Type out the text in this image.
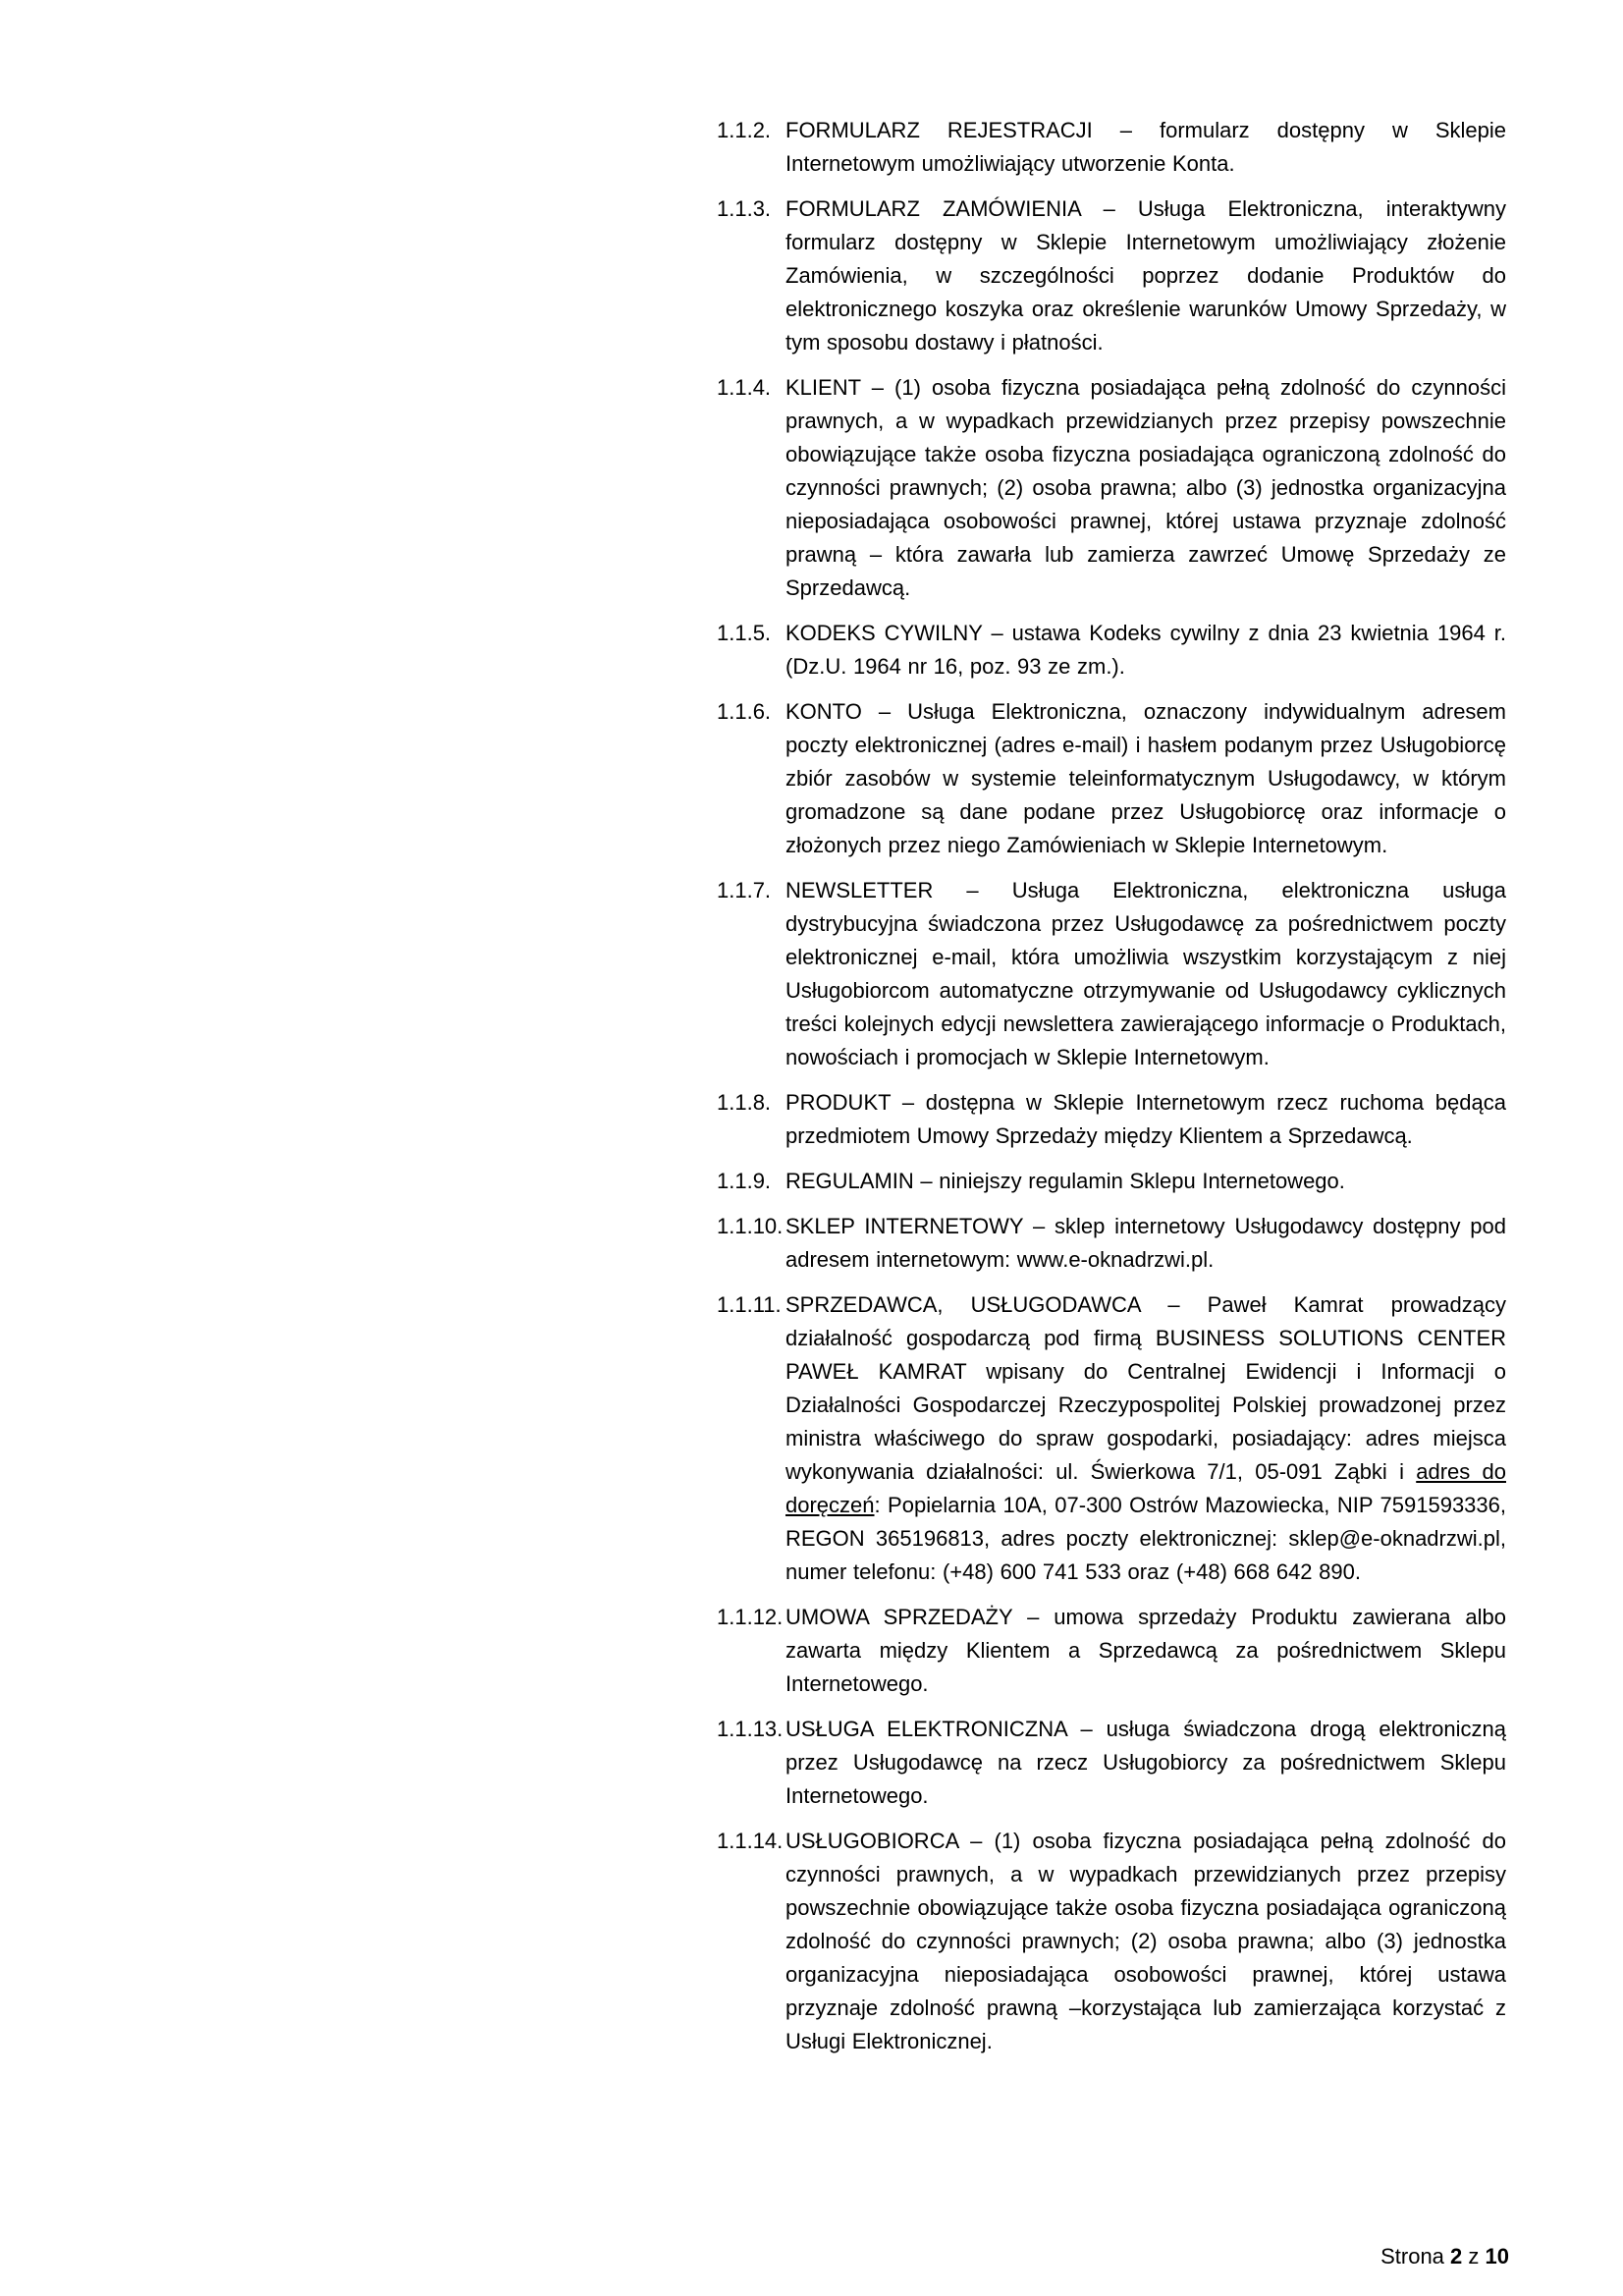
1.1.2. FORMULARZ REJESTRACJI – formularz dostępny w Sklepie Internetowym umożliwiający utworzenie Konta.

1.1.3. FORMULARZ ZAMÓWIENIA – Usługa Elektroniczna, interaktywny formularz dostępny w Sklepie Internetowym umożliwiający złożenie Zamówienia, w szczególności poprzez dodanie Produktów do elektronicznego koszyka oraz określenie warunków Umowy Sprzedaży, w tym sposobu dostawy i płatności.

1.1.4. KLIENT – (1) osoba fizyczna posiadająca pełną zdolność do czynności prawnych, a w wypadkach przewidzianych przez przepisy powszechnie obowiązujące także osoba fizyczna posiadająca ograniczoną zdolność do czynności prawnych; (2) osoba prawna; albo (3) jednostka organizacyjna nieposiadająca osobowości prawnej, której ustawa przyznaje zdolność prawną – która zawarła lub zamierza zawrzeć Umowę Sprzedaży ze Sprzedawcą.

1.1.5. KODEKS CYWILNY – ustawa Kodeks cywilny z dnia 23 kwietnia 1964 r. (Dz.U. 1964 nr 16, poz. 93 ze zm.).

1.1.6. KONTO – Usługa Elektroniczna, oznaczony indywidualnym adresem poczty elektronicznej (adres e-mail) i hasłem podanym przez Usługobiorcę zbiór zasobów w systemie teleinformatycznym Usługodawcy, w którym gromadzone są dane podane przez Usługobiorcę oraz informacje o złożonych przez niego Zamówieniach w Sklepie Internetowym.

1.1.7. NEWSLETTER – Usługa Elektroniczna, elektroniczna usługa dystrybucyjna świadczona przez Usługodawcę za pośrednictwem poczty elektronicznej e-mail, która umożliwia wszystkim korzystającym z niej Usługobiorcom automatyczne otrzymywanie od Usługodawcy cyklicznych treści kolejnych edycji newslettera zawierającego informacje o Produktach, nowościach i promocjach w Sklepie Internetowym.

1.1.8. PRODUKT – dostępna w Sklepie Internetowym rzecz ruchoma będąca przedmiotem Umowy Sprzedaży między Klientem a Sprzedawcą.

1.1.9. REGULAMIN – niniejszy regulamin Sklepu Internetowego.

1.1.10. SKLEP INTERNETOWY – sklep internetowy Usługodawcy dostępny pod adresem internetowym: www.e-oknadrzwi.pl.

1.1.11. SPRZEDAWCA, USŁUGODAWCA – Paweł Kamrat prowadzący działalność gospodarczą pod firmą BUSINESS SOLUTIONS CENTER PAWEŁ KAMRAT wpisany do Centralnej Ewidencji i Informacji o Działalności Gospodarczej Rzeczypospolitej Polskiej prowadzonej przez ministra właściwego do spraw gospodarki, posiadający: adres miejsca wykonywania działalności: ul. Świerkowa 7/1, 05-091 Ząbki i adres do doręczeń: Popielarnia 10A, 07-300 Ostrów Mazowiecka, NIP 7591593336, REGON 365196813, adres poczty elektronicznej: sklep@e-oknadrzwi.pl, numer telefonu: (+48) 600 741 533 oraz (+48) 668 642 890.

1.1.12. UMOWA SPRZEDAŻY – umowa sprzedaży Produktu zawierana albo zawarta między Klientem a Sprzedawcą za pośrednictwem Sklepu Internetowego.

1.1.13. USŁUGA ELEKTRONICZNA – usługa świadczona drogą elektroniczną przez Usługodawcę na rzecz Usługobiorcy za pośrednictwem Sklepu Internetowego.

1.1.14. USŁUGOBIORCA – (1) osoba fizyczna posiadająca pełną zdolność do czynności prawnych, a w wypadkach przewidzianych przez przepisy powszechnie obowiązujące także osoba fizyczna posiadająca ograniczoną zdolność do czynności prawnych; (2) osoba prawna; albo (3) jednostka organizacyjna nieposiadająca osobowości prawnej, której ustawa przyznaje zdolność prawną –korzystająca lub zamierzająca korzystać z Usługi Elektronicznej.

Strona 2 z 10
